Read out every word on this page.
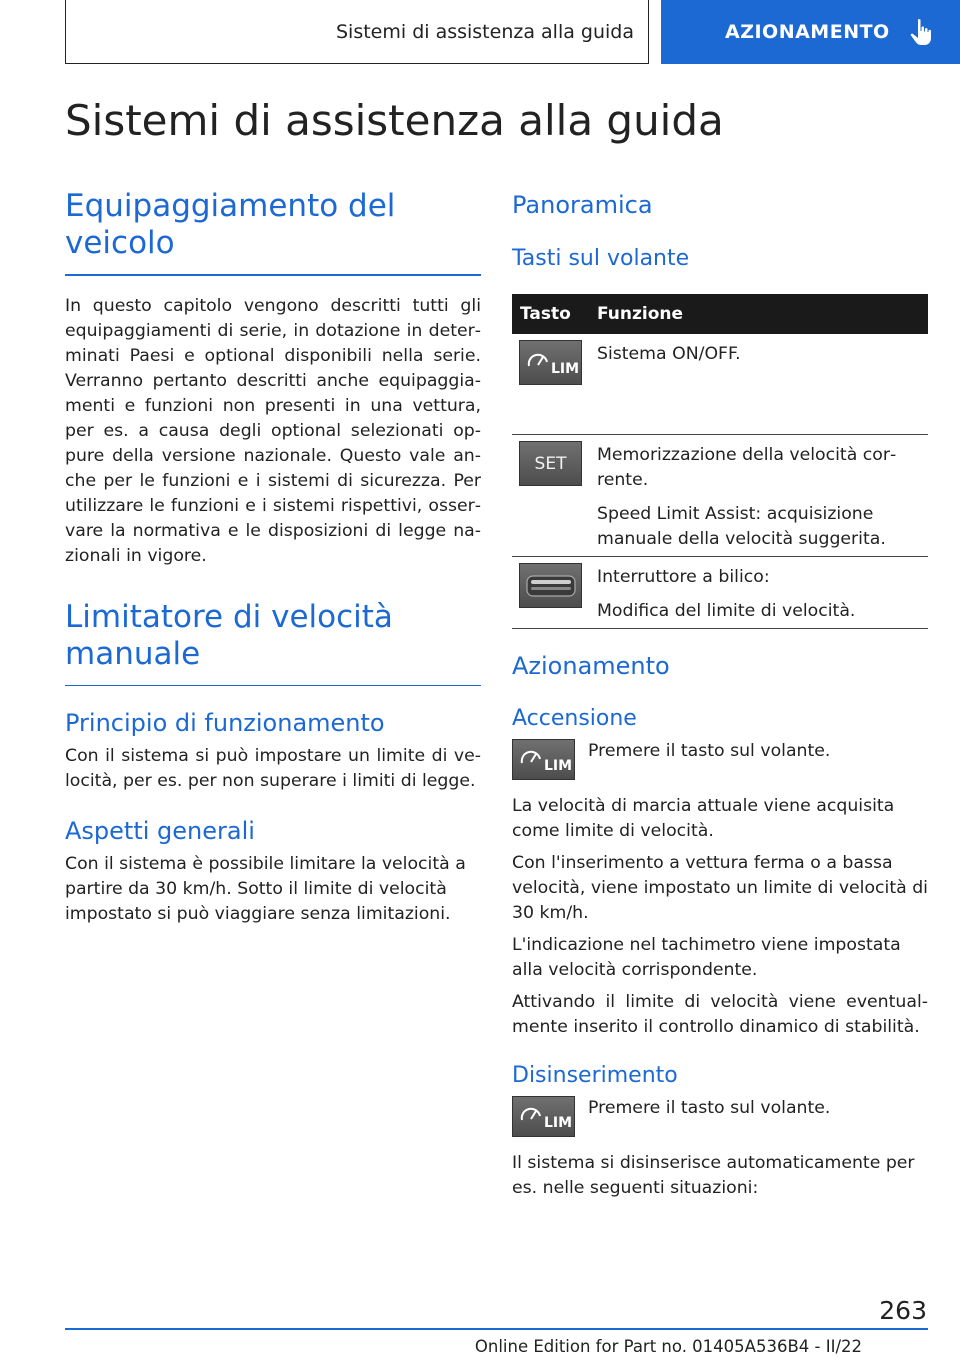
Sistemi di assistenza alla guida	AZIONAMENTO
Sistemi di assistenza alla guida
Equipaggiamento del veicolo

In questo capitolo vengono descritti tutti gli equipaggiamenti di serie, in dotazione in determinati Paesi e optional disponibili nella serie. Verranno pertanto descritti anche equipaggiamenti e funzioni non presenti in una vettura, per es. a causa degli optional selezionati oppure della versione nazionale. Questo vale anche per le funzioni e i sistemi di sicurezza. Per utilizzare le funzioni e i sistemi rispettivi, osservare la normativa e le disposizioni di legge nazionali in vigore.

Limitatore di velocità manuale
Principio di funzionamento

Con il sistema si può impostare un limite di velocità, per es. per non superare i limiti di legge.

Aspetti generali

Con il sistema è possibile limitare la velocità a partire da 30 km/h. Sotto il limite di velocità impostato si può viaggiare senza limitazioni.

Panoramica
Tasti sul volante
Tasto	Funzione
LIM

Sistema ON/OFF.

SET Memorizzazione della velocità corrente.

Speed Limit Assist: acquisizione manuale della velocità suggerita.

Interruttore a bilico:

Modifica del limite di velocità.

Azionamento
Accensione
LIM

Premere il tasto sul volante.

La velocità di marcia attuale viene acquisita come limite di velocità.

Con l'inserimento a vettura ferma o a bassa velocità, viene impostato un limite di velocità di 30 km/h.

L'indicazione nel tachimetro viene impostata alla velocità corrispondente.

Attivando il limite di velocità viene eventualmente inserito il controllo dinamico di stabilità.

Disinserimento
LIM

Premere il tasto sul volante.

Il sistema si disinserisce automaticamente per es. nelle seguenti situazioni:

263
Online Edition for Part no. 01405A536B4 - II/22
